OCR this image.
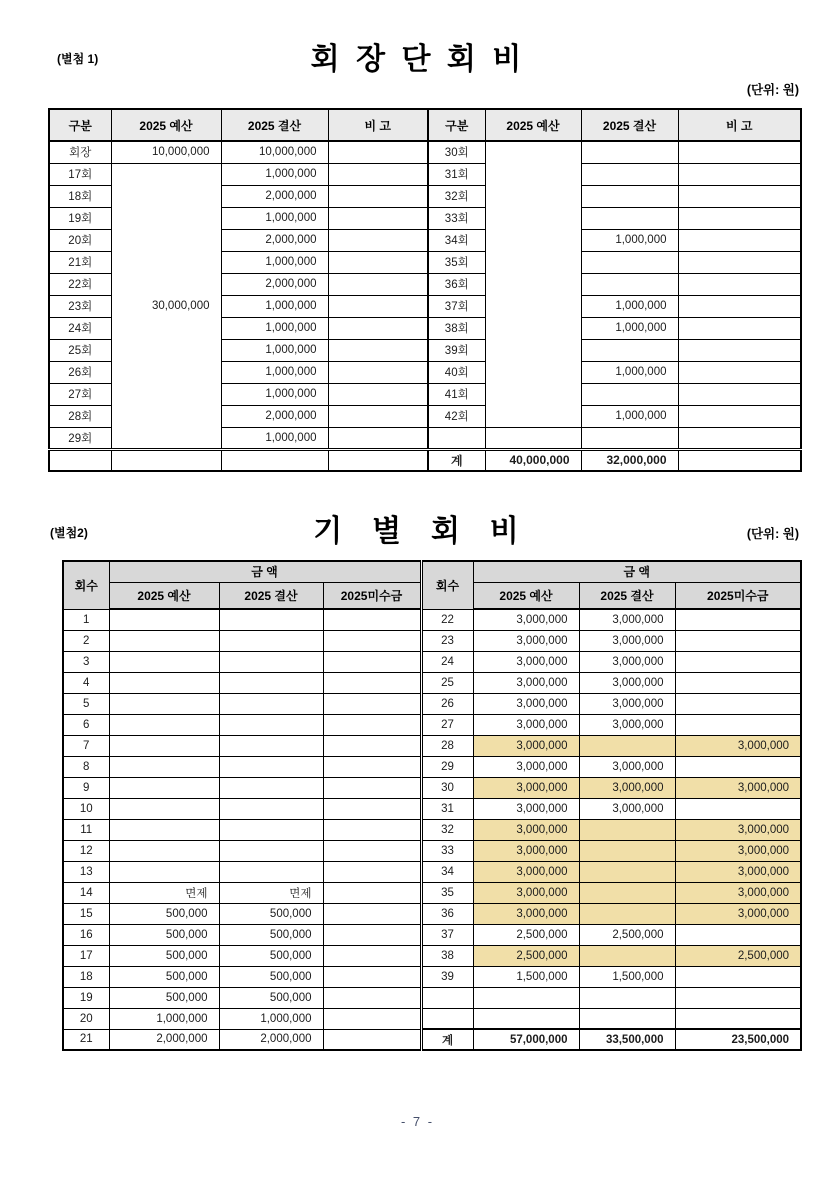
회 장 단 회 비
(별첨 1)
(단위: 원)
구분	2025 예산	2025 결산	비 고	구분	2025 예산	2025 결산	비 고
회장	10,000,000	10,000,000		30회			
17회	30,000,000	1,000,000		31회			
18회		2,000,000		32회			
19회		1,000,000		33회			
20회		2,000,000		34회		1,000,000	
21회		1,000,000		35회			
22회		2,000,000		36회			
23회		1,000,000		37회		1,000,000	
24회		1,000,000		38회		1,000,000	
25회		1,000,000		39회			
26회		1,000,000		40회		1,000,000	
27회		1,000,000		41회			
28회		2,000,000		42회		1,000,000	
29회		1,000,000					
				계	40,000,000	32,000,000	
기  별  회  비
(별첨2)	(단위: 원)
회수	금 액			회수	금 액		
	2025 예산	2025 결산	2025미수금		2025 예산	2025 결산	2025미수금
1				22	3,000,000	3,000,000	
2				23	3,000,000	3,000,000	
3				24	3,000,000	3,000,000	
4				25	3,000,000	3,000,000	
5				26	3,000,000	3,000,000	
6				27	3,000,000	3,000,000	
7				28	3,000,000		3,000,000
8				29	3,000,000	3,000,000	
9				30	3,000,000	3,000,000	3,000,000
10				31	3,000,000	3,000,000	
11				32	3,000,000		3,000,000
12				33	3,000,000		3,000,000
13				34	3,000,000		3,000,000
14	면제	면제		35	3,000,000		3,000,000
15	500,000	500,000		36	3,000,000		3,000,000
16	500,000	500,000		37	2,500,000	2,500,000	
17	500,000	500,000		38	2,500,000		2,500,000
18	500,000	500,000		39	1,500,000	1,500,000	
19	500,000	500,000					
20	1,000,000	1,000,000					
21	2,000,000	2,000,000		계	57,000,000	33,500,000	23,500,000
- 7 -
